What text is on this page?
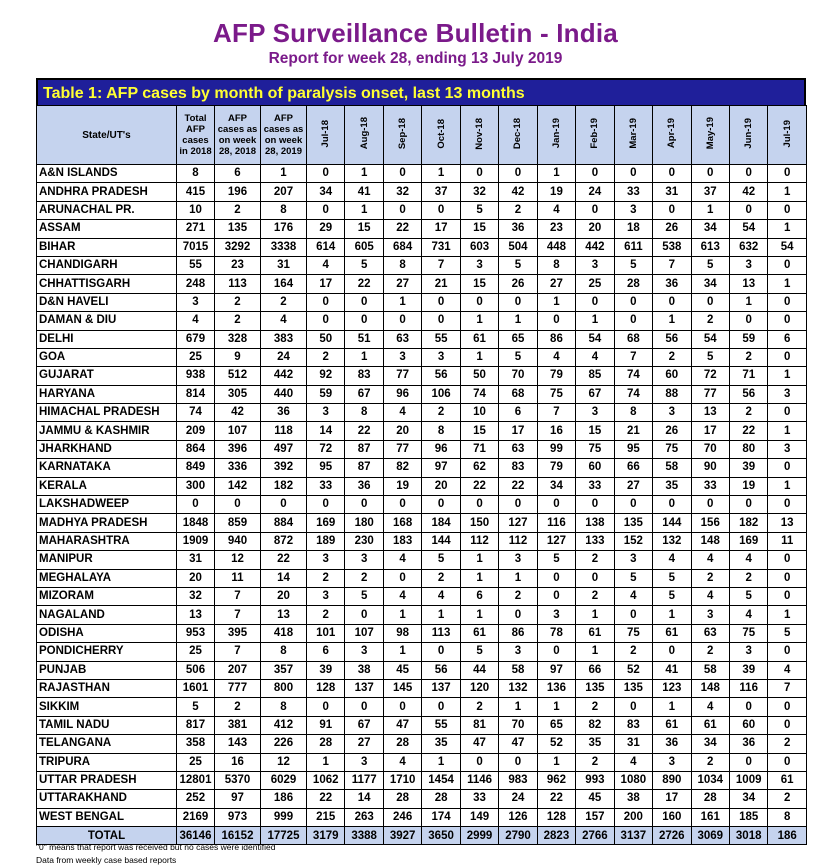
AFP Surveillance Bulletin - India
Report for week 28, ending 13 July 2019
Table 1: AFP cases by month of paralysis onset, last 13 months
State/UT's	Total AFP cases in 2018	AFP cases as on week 28, 2018	AFP cases as on week 28, 2019	Jul-18	Aug-18	Sep-18	Oct-18	Nov-18	Dec-18	Jan-19	Feb-19	Mar-19	Apr-19	May-19	Jun-19	Jul-19
A&N ISLANDS	8	6	1	0	1	0	1	0	0	1	0	0	0	0	0	0
ANDHRA PRADESH	415	196	207	34	41	32	37	32	42	19	24	33	31	37	42	1
ARUNACHAL PR.	10	2	8	0	1	0	0	5	2	4	0	3	0	1	0	0
ASSAM	271	135	176	29	15	22	17	15	36	23	20	18	26	34	54	1
BIHAR	7015	3292	3338	614	605	684	731	603	504	448	442	611	538	613	632	54
CHANDIGARH	55	23	31	4	5	8	7	3	5	8	3	5	7	5	3	0
CHHATTISGARH	248	113	164	17	22	27	21	15	26	27	25	28	36	34	13	1
D&N HAVELI	3	2	2	0	0	1	0	0	0	1	0	0	0	0	1	0
DAMAN & DIU	4	2	4	0	0	0	0	1	1	0	1	0	1	2	0	0
DELHI	679	328	383	50	51	63	55	61	65	86	54	68	56	54	59	6
GOA	25	9	24	2	1	3	3	1	5	4	4	7	2	5	2	0
GUJARAT	938	512	442	92	83	77	56	50	70	79	85	74	60	72	71	1
HARYANA	814	305	440	59	67	96	106	74	68	75	67	74	88	77	56	3
HIMACHAL PRADESH	74	42	36	3	8	4	2	10	6	7	3	8	3	13	2	0
JAMMU & KASHMIR	209	107	118	14	22	20	8	15	17	16	15	21	26	17	22	1
JHARKHAND	864	396	497	72	87	77	96	71	63	99	75	95	75	70	80	3
KARNATAKA	849	336	392	95	87	82	97	62	83	79	60	66	58	90	39	0
KERALA	300	142	182	33	36	19	20	22	22	34	33	27	35	33	19	1
LAKSHADWEEP	0	0	0	0	0	0	0	0	0	0	0	0	0	0	0	0
MADHYA PRADESH	1848	859	884	169	180	168	184	150	127	116	138	135	144	156	182	13
MAHARASHTRA	1909	940	872	189	230	183	144	112	112	127	133	152	132	148	169	11
MANIPUR	31	12	22	3	3	4	5	1	3	5	2	3	4	4	4	0
MEGHALAYA	20	11	14	2	2	0	2	1	1	0	0	5	5	2	2	0
MIZORAM	32	7	20	3	5	4	4	6	2	0	2	4	5	4	5	0
NAGALAND	13	7	13	2	0	1	1	1	0	3	1	0	1	3	4	1
ODISHA	953	395	418	101	107	98	113	61	86	78	61	75	61	63	75	5
PONDICHERRY	25	7	8	6	3	1	0	5	3	0	1	2	0	2	3	0
PUNJAB	506	207	357	39	38	45	56	44	58	97	66	52	41	58	39	4
RAJASTHAN	1601	777	800	128	137	145	137	120	132	136	135	135	123	148	116	7
SIKKIM	5	2	8	0	0	0	0	2	1	1	2	0	1	4	0	0
TAMIL NADU	817	381	412	91	67	47	55	81	70	65	82	83	61	61	60	0
TELANGANA	358	143	226	28	27	28	35	47	47	52	35	31	36	34	36	2
TRIPURA	25	16	12	1	3	4	1	0	0	1	2	4	3	2	0	0
UTTAR PRADESH	12801	5370	6029	1062	1177	1710	1454	1146	983	962	993	1080	890	1034	1009	61
UTTARAKHAND	252	97	186	22	14	28	28	33	24	22	45	38	17	28	34	2
WEST BENGAL	2169	973	999	215	263	246	174	149	126	128	157	200	160	161	185	8
TOTAL	36146	16152	17725	3179	3388	3927	3650	2999	2790	2823	2766	3137	2726	3069	3018	186
"0" means that report was received but no cases were identified
Data from weekly case based reports
